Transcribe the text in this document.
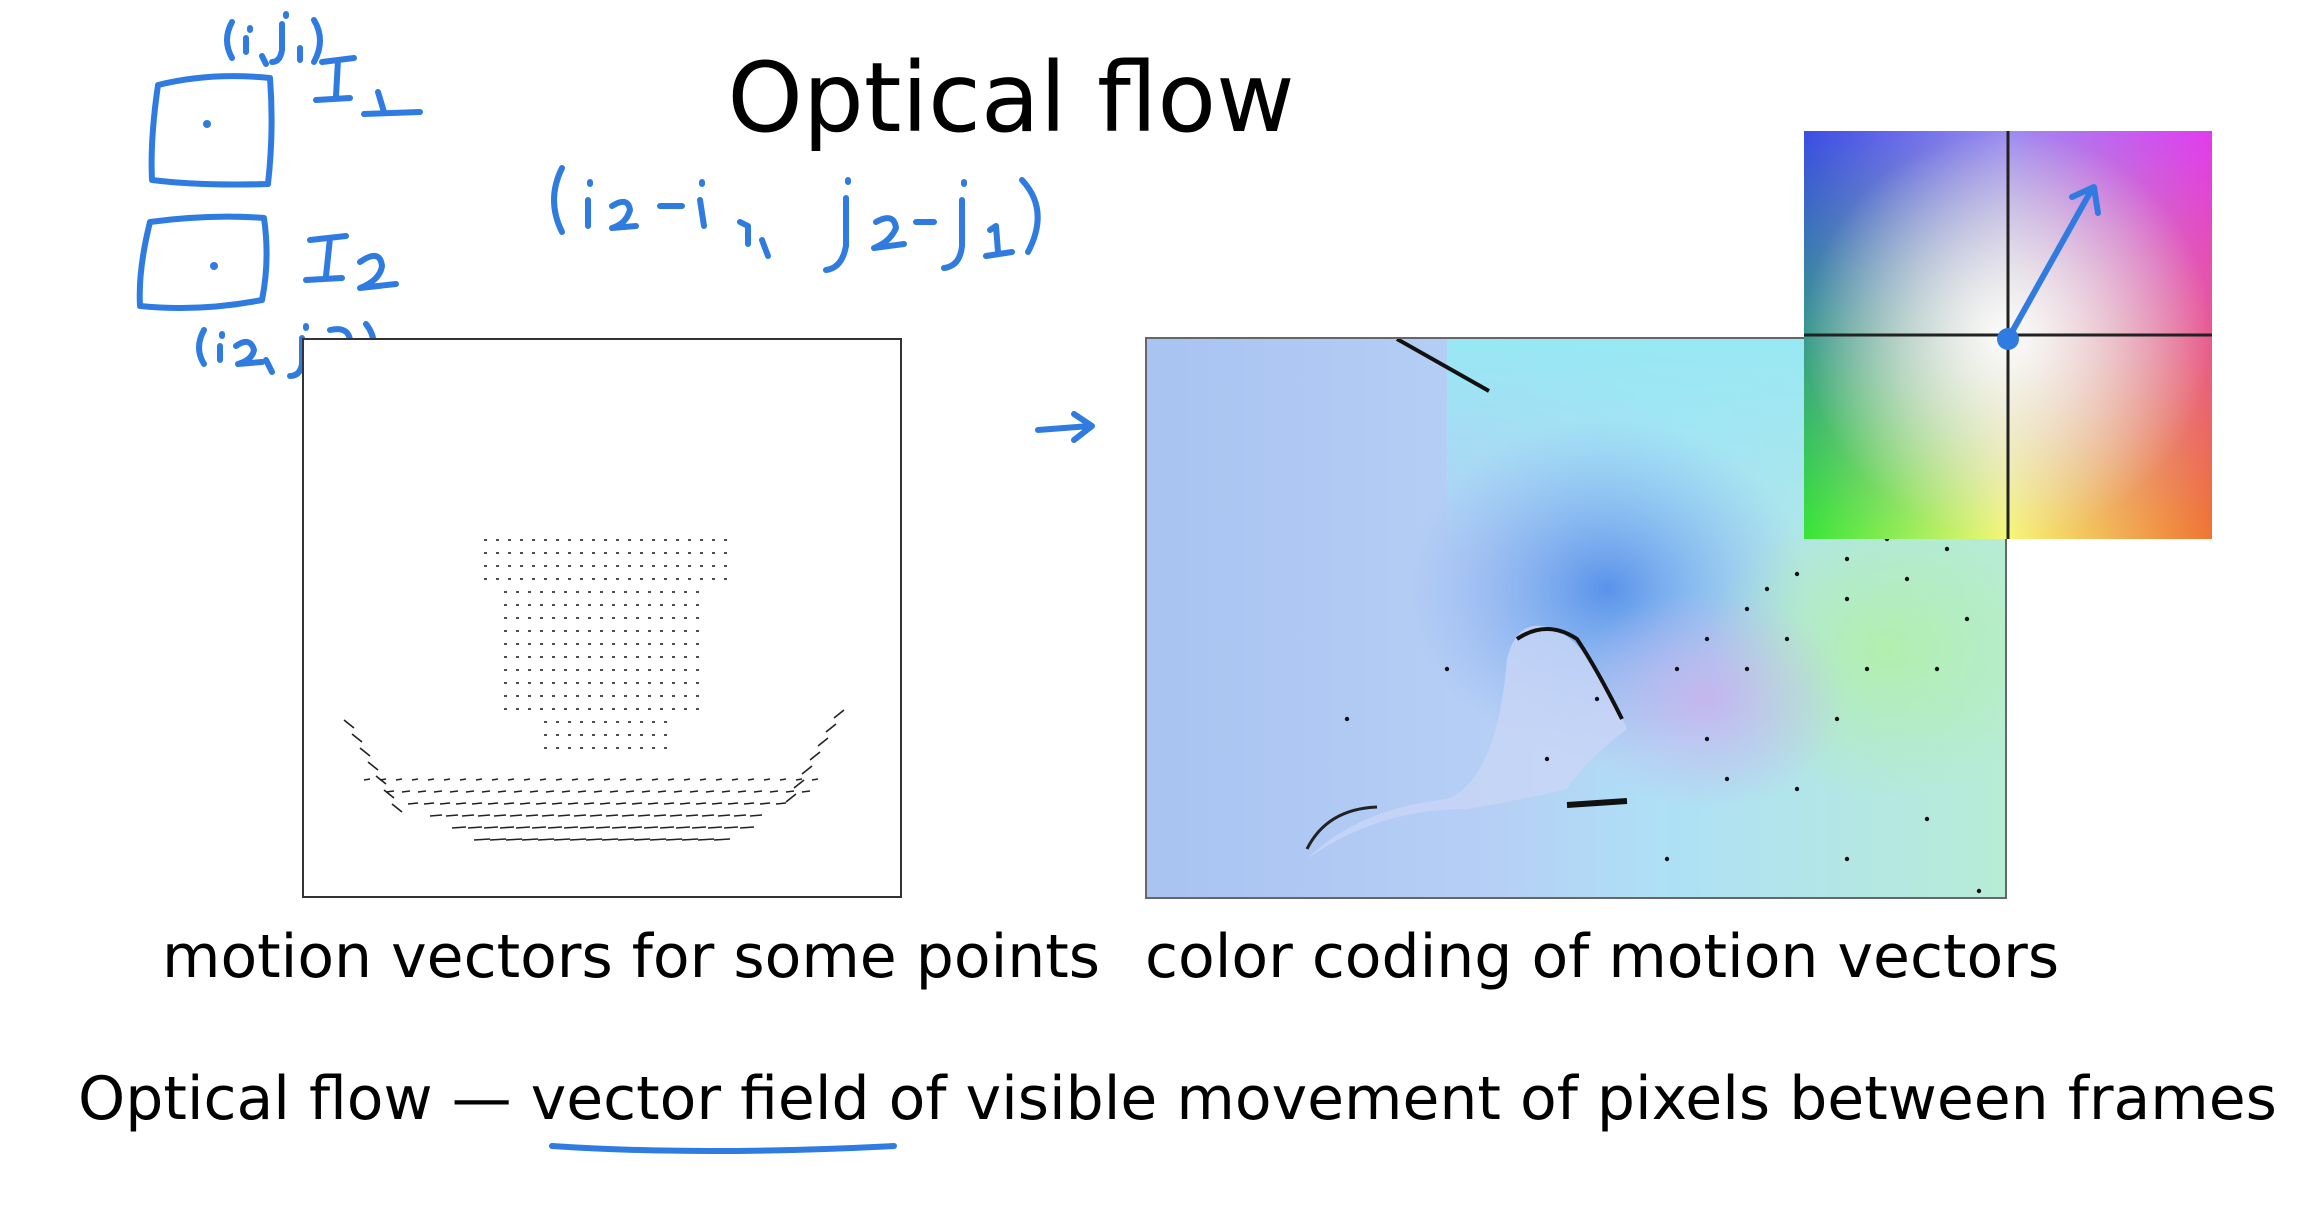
Optical flow
motion vectors for some points color coding of motion vectors
Optical flow — vector field of visible movement of pixels between frames
